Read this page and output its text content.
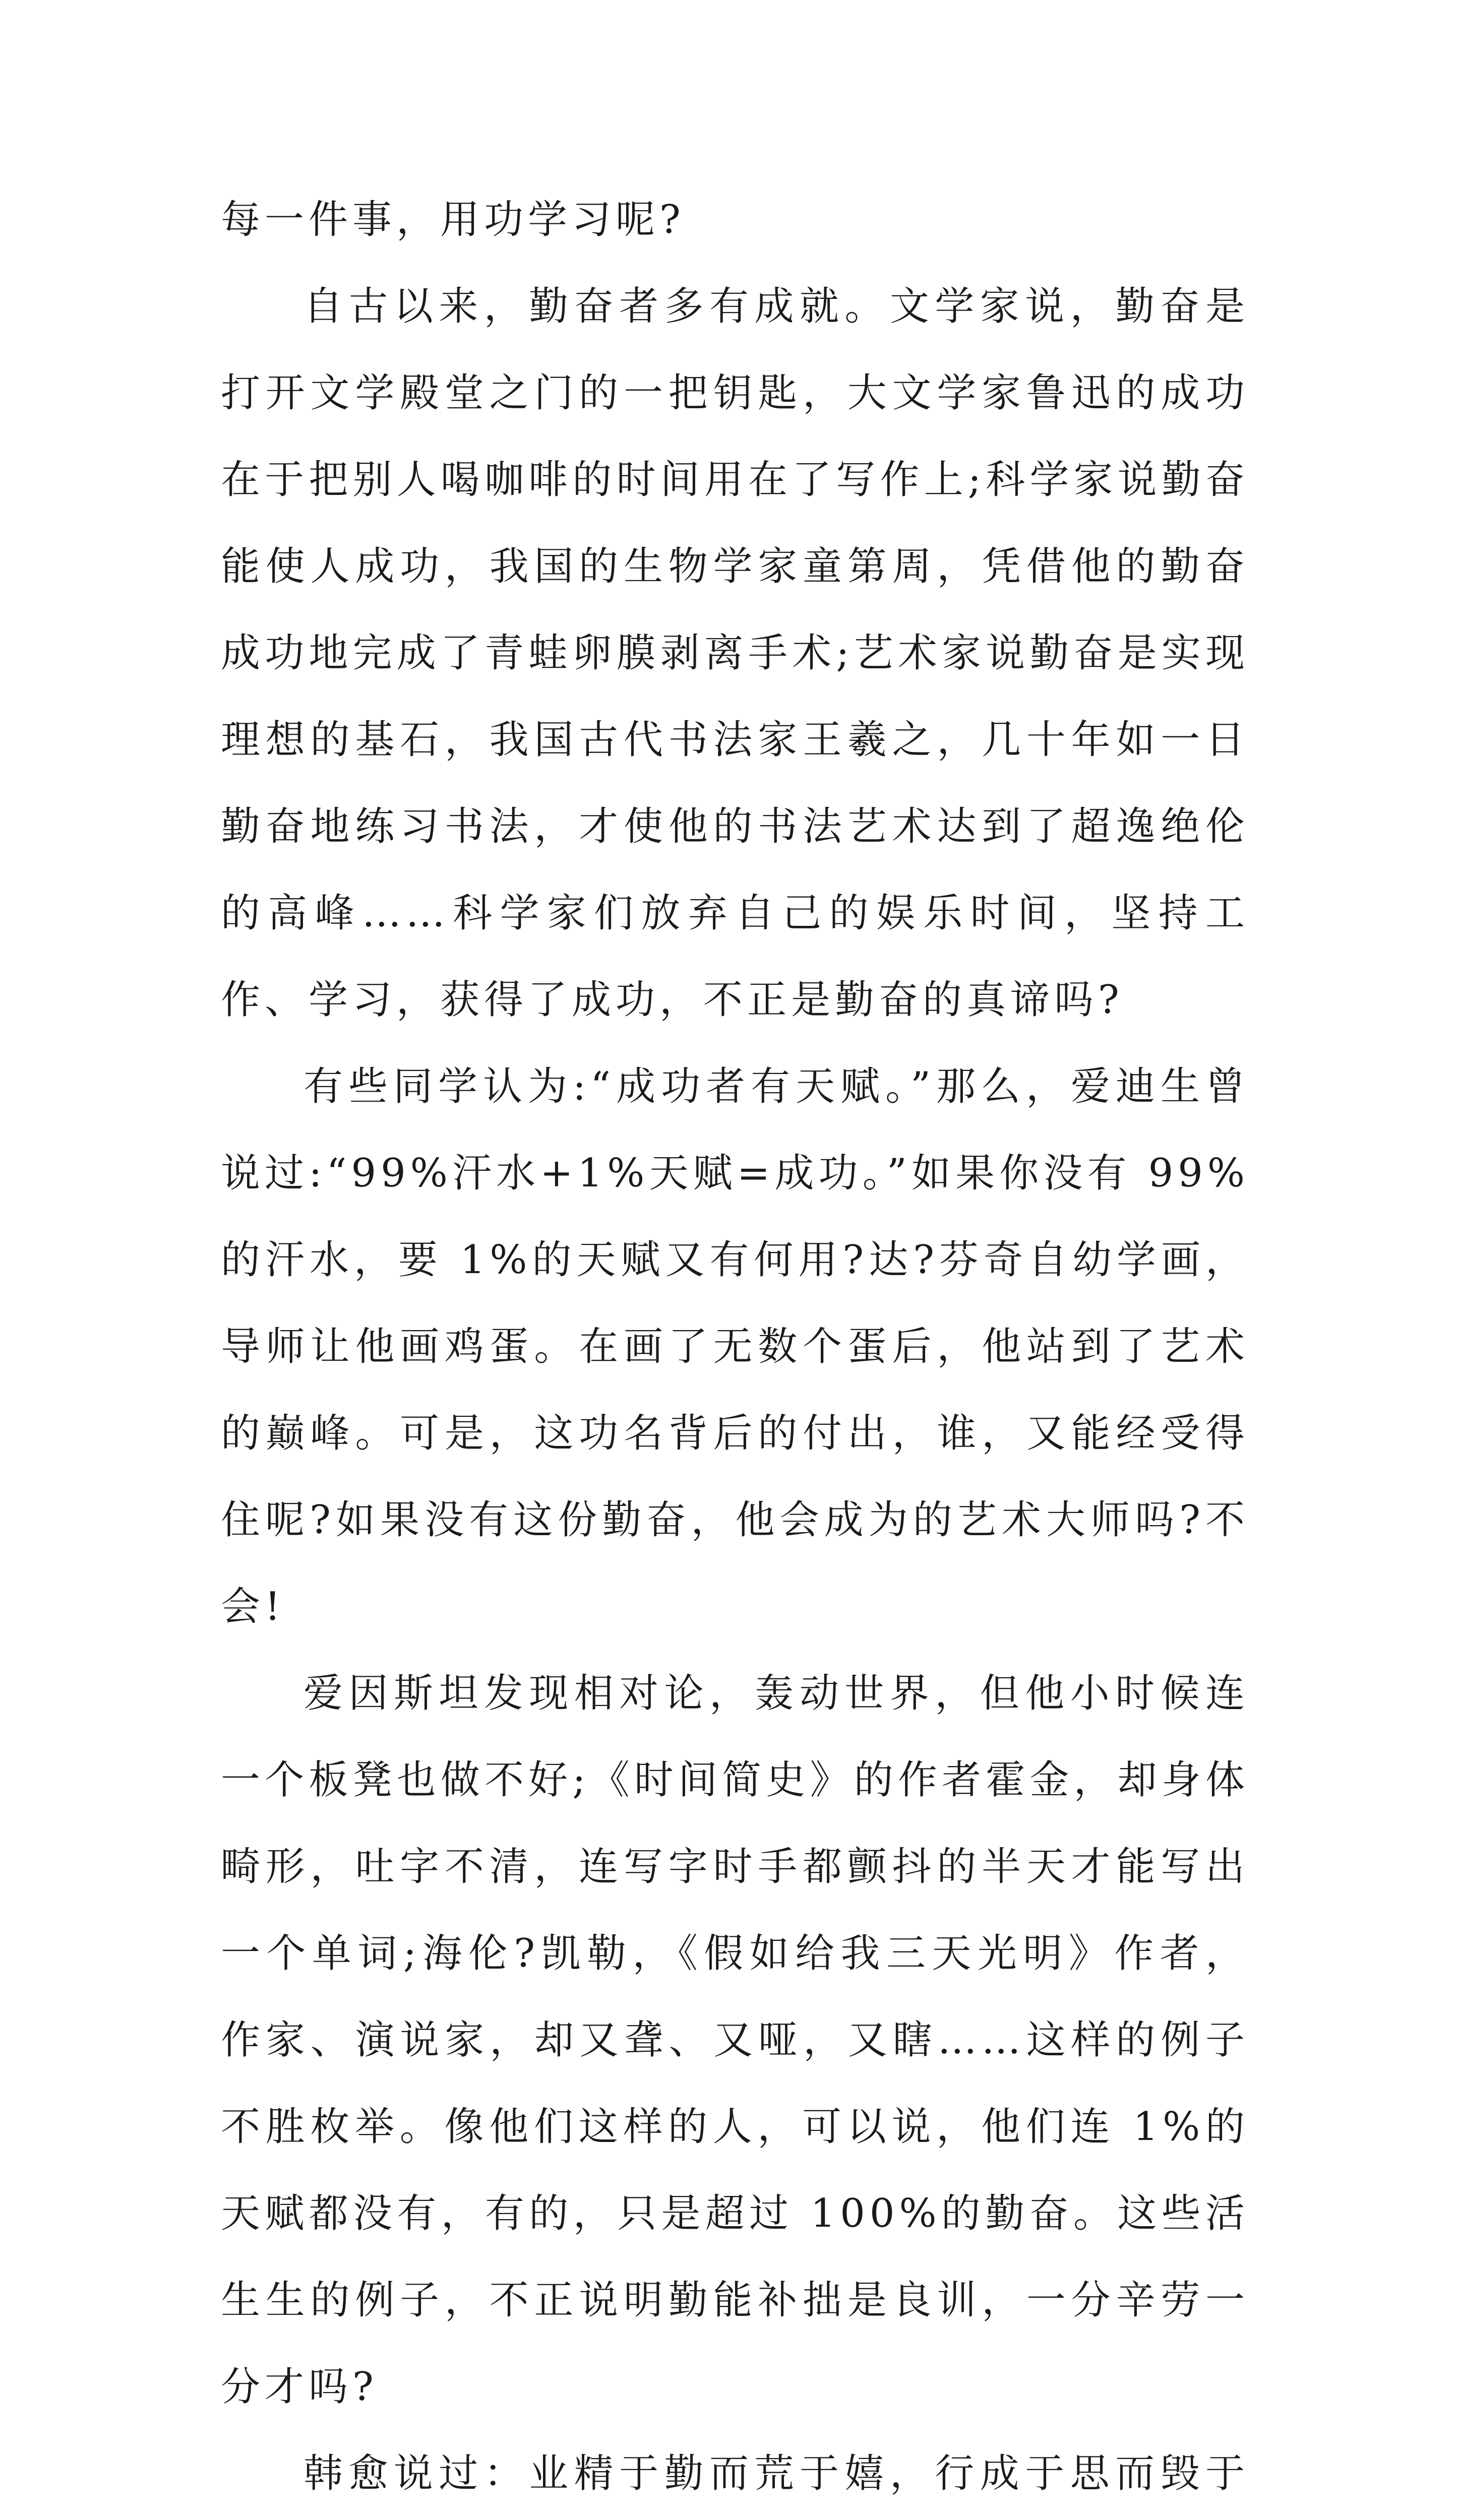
每一件事，用功学习呢?

自古以来，勤奋者多有成就。文学家说，勤奋是打开文学殿堂之门的一把钥匙，大文学家鲁迅的成功在于把别人喝咖啡的时间用在了写作上;科学家说勤奋能使人成功，我国的生物学家童第周，凭借他的勤奋成功地完成了青蛙卵膜剥离手术;艺术家说勤奋是实现理想的基石，我国古代书法家王羲之，几十年如一日勤奋地练习书法，才使他的书法艺术达到了超逸绝伦的高峰……科学家们放弃自己的娱乐时间，坚持工作、学习，获得了成功，不正是勤奋的真谛吗?

有些同学认为:“成功者有天赋。”那么，爱迪生曾说过:“99%汗水+1%天赋=成功。”如果你没有 99%的汗水，要 1%的天赋又有何用?达?芬奇自幼学画，导师让他画鸡蛋。在画了无数个蛋后，他站到了艺术的巅峰。可是，这功名背后的付出，谁，又能经受得住呢?如果没有这份勤奋，他会成为的艺术大师吗?不会!

爱因斯坦发现相对论，轰动世界，但他小时候连一个板凳也做不好;《时间简史》的作者霍金，却身体畸形，吐字不清，连写字时手都颤抖的半天才能写出一个单词;海伦?凯勒，《假如给我三天光明》作者，作家、演说家，却又聋、又哑，又瞎……这样的例子不胜枚举。像他们这样的人，可以说，他们连 1%的天赋都没有，有的，只是超过 100%的勤奋。这些活生生的例子，不正说明勤能补拙是良训，一分辛劳一分才吗?

韩愈说过：业精于勤而荒于嬉，行成于思而毁于
